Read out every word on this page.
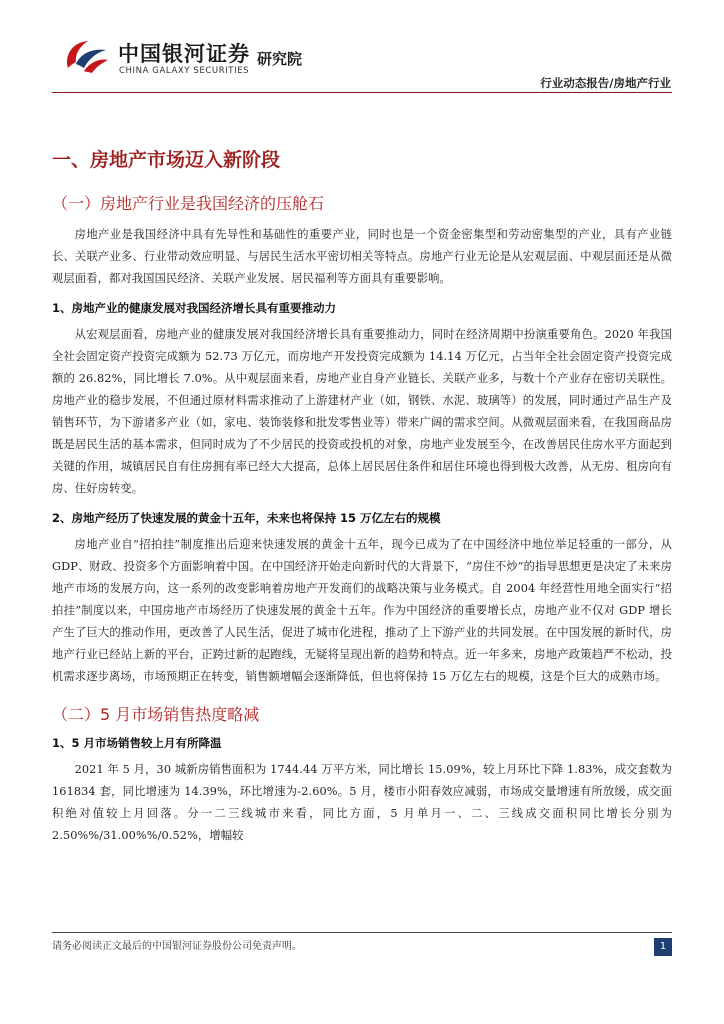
中国银河证券
CHINA GALAXY SECURITIES
研究院
行业动态报告/房地产行业
一、房地产市场迈入新阶段
（一）房地产行业是我国经济的压舱石

房地产业是我国经济中具有先导性和基础性的重要产业，同时也是一个资金密集型和劳动密集型的产业，具有产业链长、关联产业多、行业带动效应明显、与居民生活水平密切相关等特点。房地产行业无论是从宏观层面、中观层面还是从微观层面看，都对我国国民经济、关联产业发展、居民福利等方面具有重要影响。

1、房地产业的健康发展对我国经济增长具有重要推动力

从宏观层面看，房地产业的健康发展对我国经济增长具有重要推动力，同时在经济周期中扮演重要角色。2020 年我国全社会固定资产投资完成额为 52.73 万亿元，而房地产开发投资完成额为 14.14 万亿元，占当年全社会固定资产投资完成额的 26.82%，同比增长 7.0%。从中观层面来看，房地产业自身产业链长、关联产业多，与数十个产业存在密切关联性。房地产业的稳步发展，不但通过原材料需求推动了上游建材产业（如，钢铁、水泥、玻璃等）的发展，同时通过产品生产及销售环节，为下游诸多产业（如，家电、装饰装修和批发零售业等）带来广阔的需求空间。从微观层面来看，在我国商品房既是居民生活的基本需求，但同时成为了不少居民的投资或投机的对象，房地产业发展至今，在改善居民住房水平方面起到关键的作用，城镇居民自有住房拥有率已经大大提高，总体上居民居住条件和居住环境也得到极大改善，从无房、租房向有房、住好房转变。

2、房地产经历了快速发展的黄金十五年，未来也将保持 15 万亿左右的规模

房地产业自“招拍挂”制度推出后迎来快速发展的黄金十五年，现今已成为了在中国经济中地位举足轻重的一部分，从 GDP、财政、投资多个方面影响着中国。在中国经济开始走向新时代的大背景下，“房住不炒”的指导思想更是决定了未来房地产市场的发展方向，这一系列的改变影响着房地产开发商们的战略决策与业务模式。自 2004 年经营性用地全面实行“招拍挂”制度以来，中国房地产市场经历了快速发展的黄金十五年。作为中国经济的重要增长点，房地产业不仅对 GDP 增长产生了巨大的推动作用，更改善了人民生活，促进了城市化进程，推动了上下游产业的共同发展。在中国发展的新时代，房地产行业已经站上新的平台，正跨过新的起跑线，无疑将呈现出新的趋势和特点。近一年多来，房地产政策趋严不松动，投机需求逐步离场，市场预期正在转变，销售额增幅会逐渐降低，但也将保持 15 万亿左右的规模，这是个巨大的成熟市场。

（二）5 月市场销售热度略减
1、5 月市场销售较上月有所降温

2021 年 5 月，30 城新房销售面积为 1744.44 万平方米，同比增长 15.09%，较上月环比下降 1.83%，成交套数为 161834 套，同比增速为 14.39%，环比增速为-2.60%。5 月，楼市小阳春效应减弱，市场成交量增速有所放缓，成交面积绝对值较上月回落。分一二三线城市来看，同比方面，5 月单月一、二、三线成交面积同比增长分别为 2.50%%/31.00%%/0.52%，增幅较

请务必阅读正文最后的中国银河证券股份公司免责声明。	1
